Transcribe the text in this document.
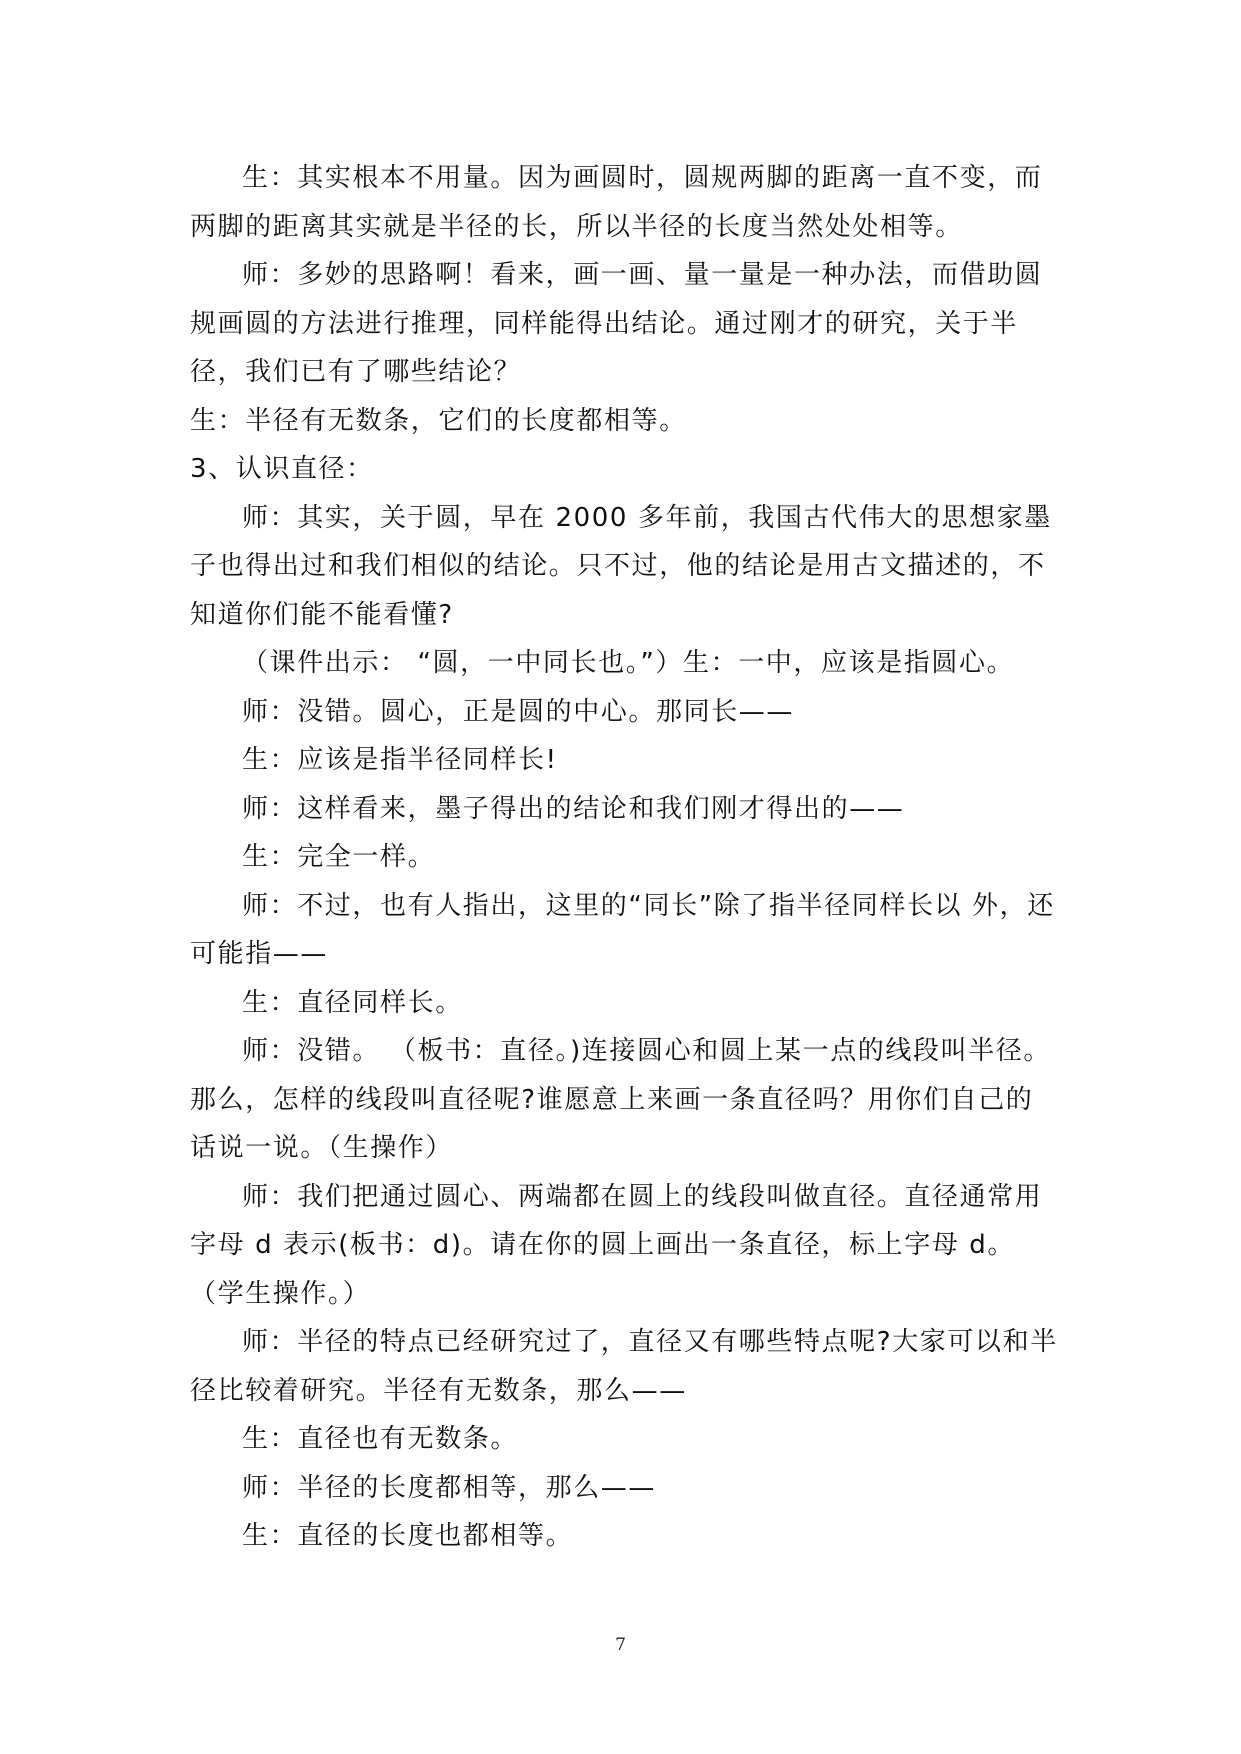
生：其实根本不用量。因为画圆时，圆规两脚的距离一直不变，而两脚的距离其实就是半径的长，所以半径的长度当然处处相等。

师：多妙的思路啊！看来，画一画、量一量是一种办法，而借助圆规画圆的方法进行推理，同样能得出结论。通过刚才的研究，关于半径，我们已有了哪些结论？

生：半径有无数条，它们的长度都相等。

3、认识直径：

师：其实，关于圆，早在 2000 多年前，我国古代伟大的思想家墨子也得出过和我们相似的结论。只不过，他的结论是用古文描述的，不知道你们能不能看懂?

（课件出示： “圆，一中同长也。”）生：一中，应该是指圆心。

师：没错。圆心，正是圆的中心。那同长——

生：应该是指半径同样长!

师：这样看来，墨子得出的结论和我们刚才得出的——

生：完全一样。

师：不过，也有人指出，这里的“同长”除了指半径同样长以 外，还可能指——

生：直径同样长。

师：没错。 （板书：直径。)连接圆心和圆上某一点的线段叫半径。那么，怎样的线段叫直径呢?谁愿意上来画一条直径吗？用你们自己的话说一说。（生操作）

师：我们把通过圆心、两端都在圆上的线段叫做直径。直径通常用字母 d 表示(板书：d)。请在你的圆上画出一条直径，标上字母 d。 （学生操作。）

师：半径的特点已经研究过了，直径又有哪些特点呢?大家可以和半径比较着研究。半径有无数条，那么——

生：直径也有无数条。

师：半径的长度都相等，那么——

生：直径的长度也都相等。

7
